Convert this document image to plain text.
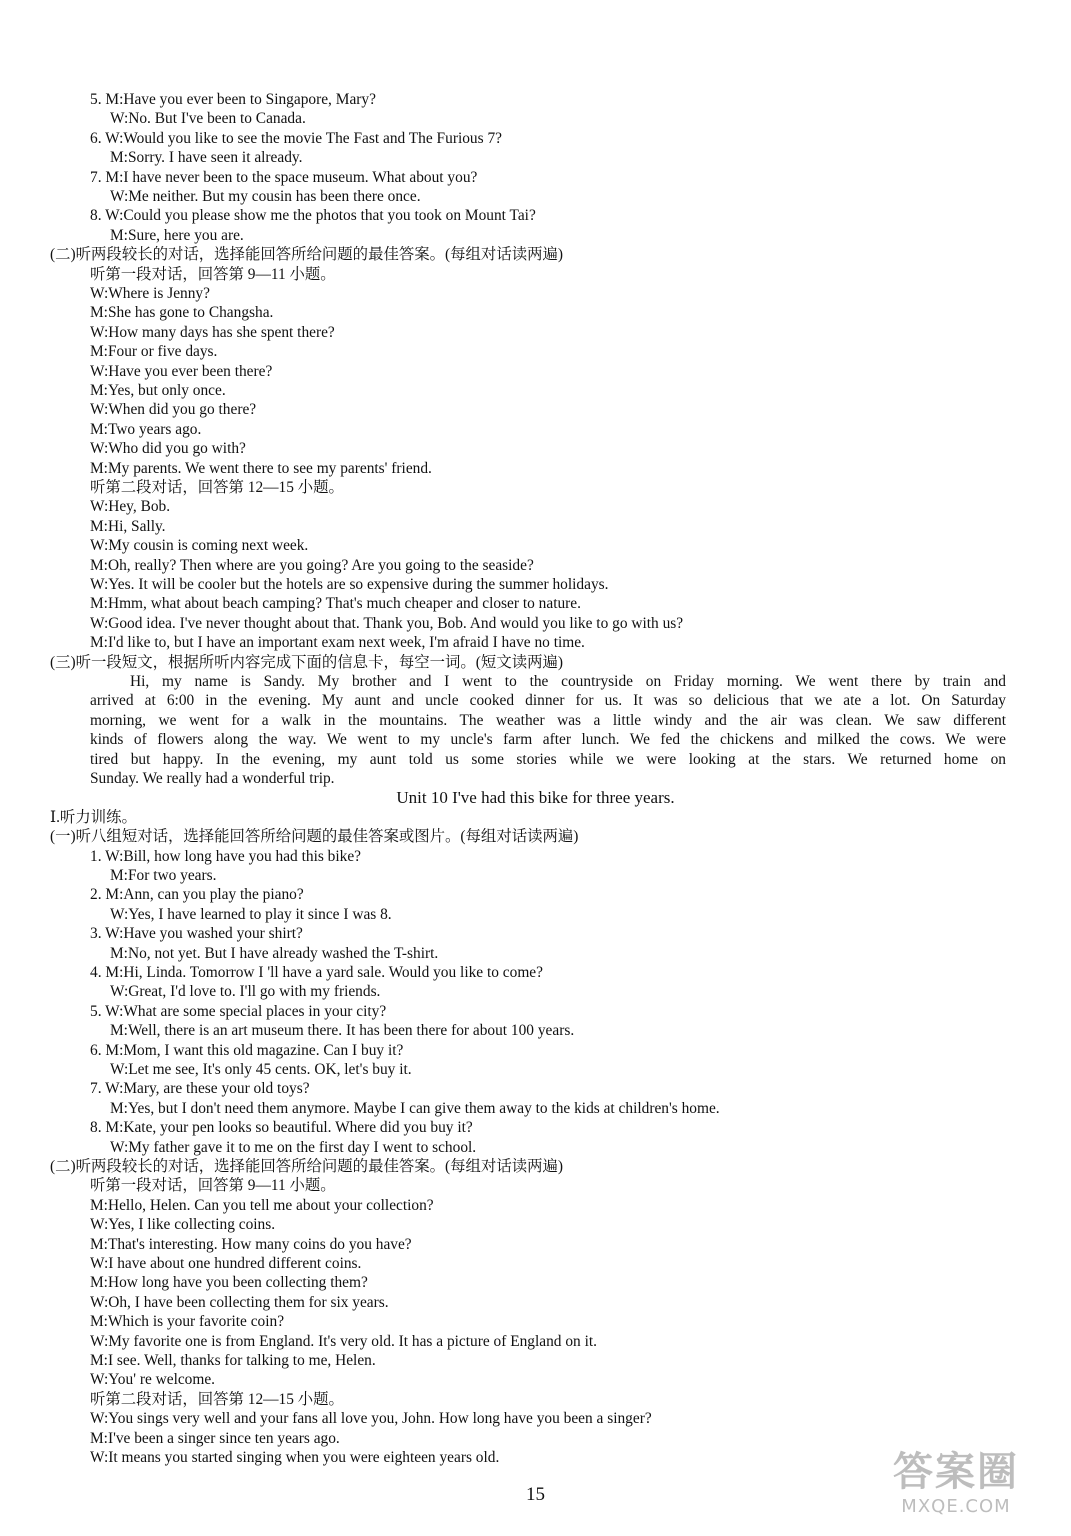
5. M:Have you ever been to Singapore, Mary?
W:No. But I've been to Canada.
6. W:Would you like to see the movie The Fast and The Furious 7?
M:Sorry. I have seen it already.
7. M:I have never been to the space museum. What about you?
W:Me neither. But my cousin has been there once.
8. W:Could you please show me the photos that you took on Mount Tai?
M:Sure, here you are.
(二)听两段较长的对话，选择能回答所给问题的最佳答案。(每组对话读两遍)
听第一段对话，回答第 9—11 小题。
W:Where is Jenny?
M:She has gone to Changsha.
W:How many days has she spent there?
M:Four or five days.
W:Have you ever been there?
M:Yes, but only once.
W:When did you go there?
M:Two years ago.
W:Who did you go with?
M:My parents. We went there to see my parents' friend.
听第二段对话，回答第 12—15 小题。
W:Hey, Bob.
M:Hi, Sally.
W:My cousin is coming next week.
M:Oh, really? Then where are you going? Are you going to the seaside?
W:Yes. It will be cooler but the hotels are so expensive during the summer holidays.
M:Hmm, what about beach camping? That's much cheaper and closer to nature.
W:Good idea. I've never thought about that. Thank you, Bob. And would you like to go with us?
M:I'd like to, but I have an important exam next week, I'm afraid I have no time.
(三)听一段短文，根据所听内容完成下面的信息卡，每空一词。(短文读两遍)
Hi, my name is Sandy. My brother and I went to the countryside on Friday morning. We went there by train and
arrived at 6:00 in the evening. My aunt and uncle cooked dinner for us. It was so delicious that we ate a lot. On Saturday
morning, we went for a walk in the mountains. The weather was a little windy and the air was clean. We saw different
kinds of flowers along the way. We went to my uncle's farm after lunch. We fed the chickens and milked the cows. We were
tired but happy. In the evening, my aunt told us some stories while we were looking at the stars. We returned home on
Sunday. We really had a wonderful trip.
Unit 10 I've had this bike for three years.
Ⅰ.听力训练。
(一)听八组短对话，选择能回答所给问题的最佳答案或图片。(每组对话读两遍)
1. W:Bill, how long have you had this bike?
M:For two years.
2. M:Ann, can you play the piano?
W:Yes, I have learned to play it since I was 8.
3. W:Have you washed your shirt?
M:No, not yet. But I have already washed the T-shirt.
4. M:Hi, Linda. Tomorrow I 'll have a yard sale. Would you like to come?
W:Great, I'd love to. I'll go with my friends.
5. W:What are some special places in your city?
M:Well, there is an art museum there. It has been there for about 100 years.
6. M:Mom, I want this old magazine. Can I buy it?
W:Let me see, It's only 45 cents. OK, let's buy it.
7. W:Mary, are these your old toys?
M:Yes, but I don't need them anymore. Maybe I can give them away to the kids at children's home.
8. M:Kate, your pen looks so beautiful. Where did you buy it?
W:My father gave it to me on the first day I went to school.
(二)听两段较长的对话，选择能回答所给问题的最佳答案。(每组对话读两遍)
听第一段对话，回答第 9—11 小题。
M:Hello, Helen. Can you tell me about your collection?
W:Yes, I like collecting coins.
M:That's interesting. How many coins do you have?
W:I have about one hundred different coins.
M:How long have you been collecting them?
W:Oh, I have been collecting them for six years.
M:Which is your favorite coin?
W:My favorite one is from England. It's very old. It has a picture of England on it.
M:I see. Well, thanks for talking to me, Helen.
W:You' re welcome.
听第二段对话，回答第 12—15 小题。
W:You sings very well and your fans all love you, John. How long have you been a singer?
M:I've been a singer since ten years ago.
W:It means you started singing when you were eighteen years old.
15	答案圈
MXQE.COM
